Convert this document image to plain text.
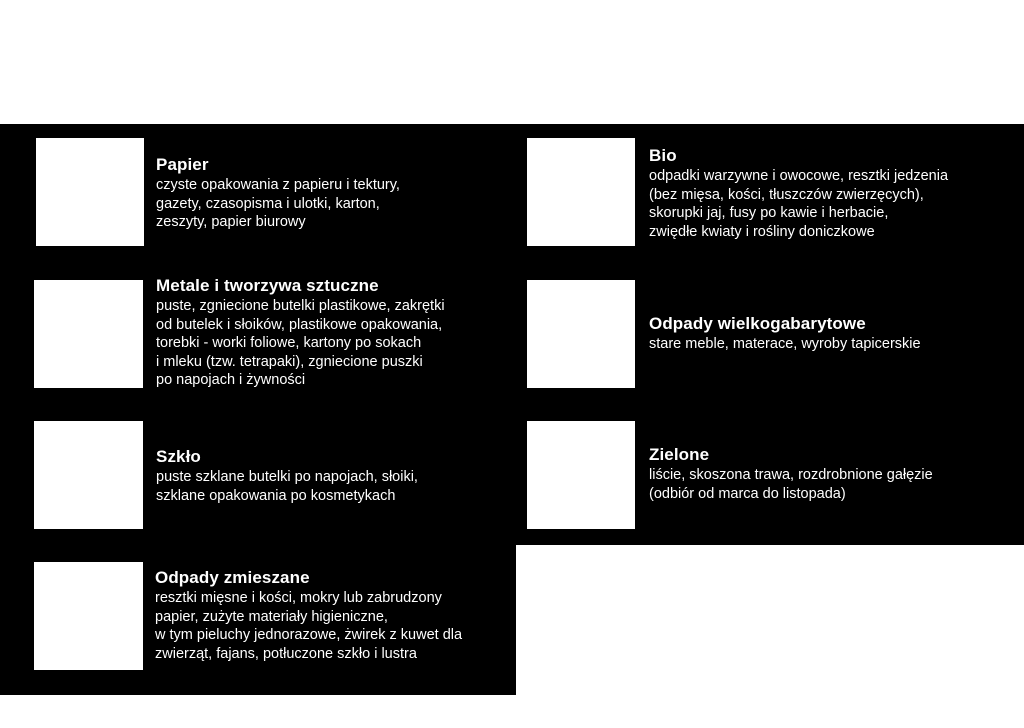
Papier
czyste opakowania z papieru i tektury,
gazety, czasopisma i ulotki, karton,
zeszyty, papier biurowy
Bio
odpadki warzywne i owocowe, resztki jedzenia
(bez mięsa, kości, tłuszczów zwierzęcych),
skorupki jaj, fusy po kawie i herbacie,
zwiędłe kwiaty i rośliny doniczkowe
Metale i tworzywa sztuczne
puste, zgniecione butelki plastikowe, zakrętki
od butelek i słoików, plastikowe opakowania,
torebki - worki foliowe, kartony po sokach
i mleku (tzw. tetrapaki), zgniecione puszki
po napojach i żywności
Odpady wielkogabarytowe
stare meble, materace, wyroby tapicerskie
Szkło
puste szklane butelki po napojach, słoiki,
szklane opakowania po kosmetykach
Zielone
liście, skoszona trawa, rozdrobnione gałęzie
(odbiór od marca do listopada)
Odpady zmieszane
resztki mięsne i kości, mokry lub zabrudzony
papier, zużyte materiały higieniczne,
w tym pieluchy jednorazowe, żwirek z kuwet dla
zwierząt, fajans, potłuczone szkło i lustra
